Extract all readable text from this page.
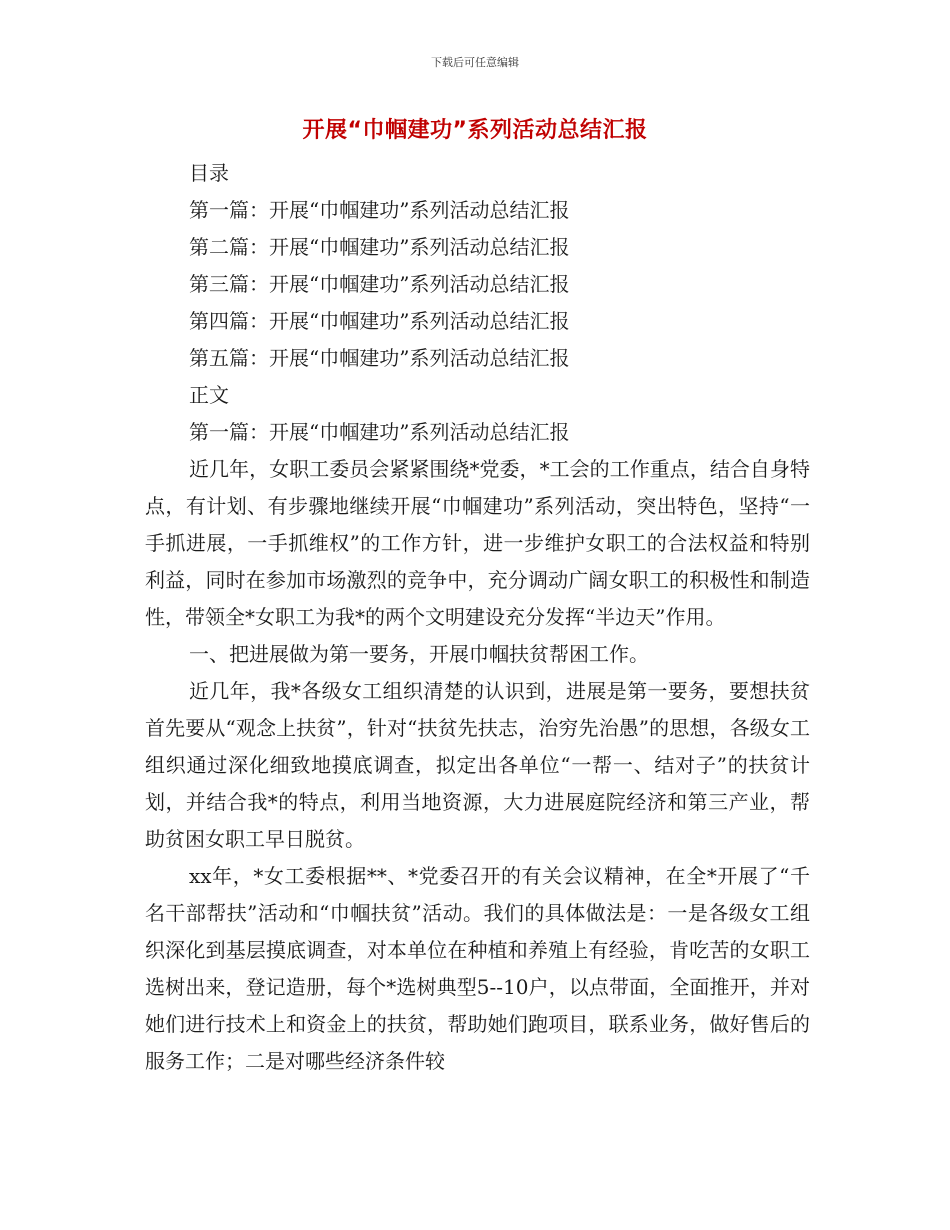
下载后可任意编辑
开展“巾帼建功”系列活动总结汇报

目录

第一篇：开展“巾帼建功”系列活动总结汇报

第二篇：开展“巾帼建功”系列活动总结汇报

第三篇：开展“巾帼建功”系列活动总结汇报

第四篇：开展“巾帼建功”系列活动总结汇报

第五篇：开展“巾帼建功”系列活动总结汇报

正文

第一篇：开展“巾帼建功”系列活动总结汇报

近几年，女职工委员会紧紧围绕*党委，*工会的工作重点，结合自身特点，有计划、有步骤地继续开展“巾帼建功”系列活动，突出特色，坚持“一手抓进展，一手抓维权”的工作方针，进一步维护女职工的合法权益和特别利益，同时在参加市场激烈的竞争中，充分调动广阔女职工的积极性和制造性，带领全*女职工为我*的两个文明建设充分发挥“半边天”作用。

一、把进展做为第一要务，开展巾帼扶贫帮困工作。

近几年，我*各级女工组织清楚的认识到，进展是第一要务，要想扶贫首先要从“观念上扶贫”，针对“扶贫先扶志，治穷先治愚”的思想，各级女工组织通过深化细致地摸底调查，拟定出各单位“一帮一、结对子”的扶贫计划，并结合我*的特点，利用当地资源，大力进展庭院经济和第三产业，帮助贫困女职工早日脱贫。

xx年，*女工委根据**、*党委召开的有关会议精神，在全*开展了“千名干部帮扶”活动和“巾帼扶贫”活动。我们的具体做法是：一是各级女工组织深化到基层摸底调查，对本单位在种植和养殖上有经验，肯吃苦的女职工选树出来，登记造册，每个*选树典型5--10户，以点带面，全面推开，并对她们进行技术上和资金上的扶贫，帮助她们跑项目，联系业务，做好售后的服务工作；二是对哪些经济条件较
